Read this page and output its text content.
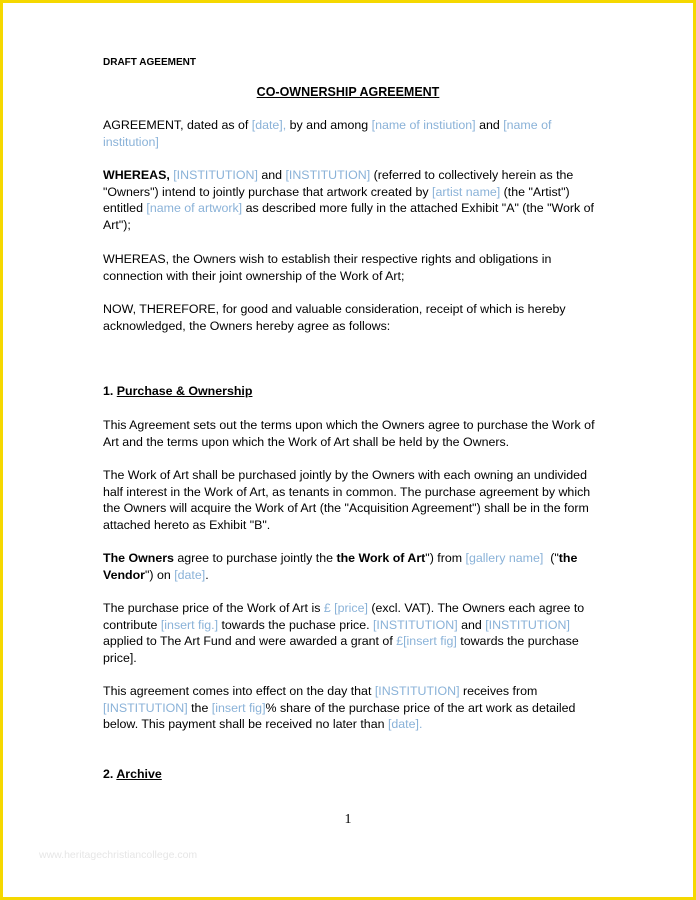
DRAFT AGEEMENT
CO-OWNERSHIP AGREEMENT
AGREEMENT, dated as of [date], by and among [name of instiution] and [name of institution]
WHEREAS, [INSTITUTION] and [INSTITUTION] (referred to collectively herein as the "Owners") intend to jointly purchase that artwork created by [artist name] (the "Artist") entitled [name of artwork] as described more fully in the attached Exhibit "A" (the "Work of Art");
WHEREAS, the Owners wish to establish their respective rights and obligations in connection with their joint ownership of the Work of Art;
NOW, THEREFORE, for good and valuable consideration, receipt of which is hereby acknowledged, the Owners hereby agree as follows:
1. Purchase & Ownership
This Agreement sets out the terms upon which the Owners agree to purchase the Work of Art and the terms upon which the Work of Art shall be held by the Owners.
The Work of Art shall be purchased jointly by the Owners with each owning an undivided half interest in the Work of Art, as tenants in common. The purchase agreement by which the Owners will acquire the Work of Art (the "Acquisition Agreement") shall be in the form attached hereto as Exhibit "B".
The Owners agree to purchase jointly the the Work of Art") from [gallery name]  ("the Vendor") on [date].
The purchase price of the Work of Art is £ [price] (excl. VAT). The Owners each agree to contribute [insert fig.] towards the puchase price. [INSTITUTION] and [INSTITUTION] applied to The Art Fund and were awarded a grant of £[insert fig] towards the purchase price].
This agreement comes into effect on the day that [INSTITUTION] receives from [INSTITUTION] the [insert fig]% share of the purchase price of the art work as detailed below. This payment shall be received no later than [date].
2. Archive
1
www.heritagechristiancollege.com
